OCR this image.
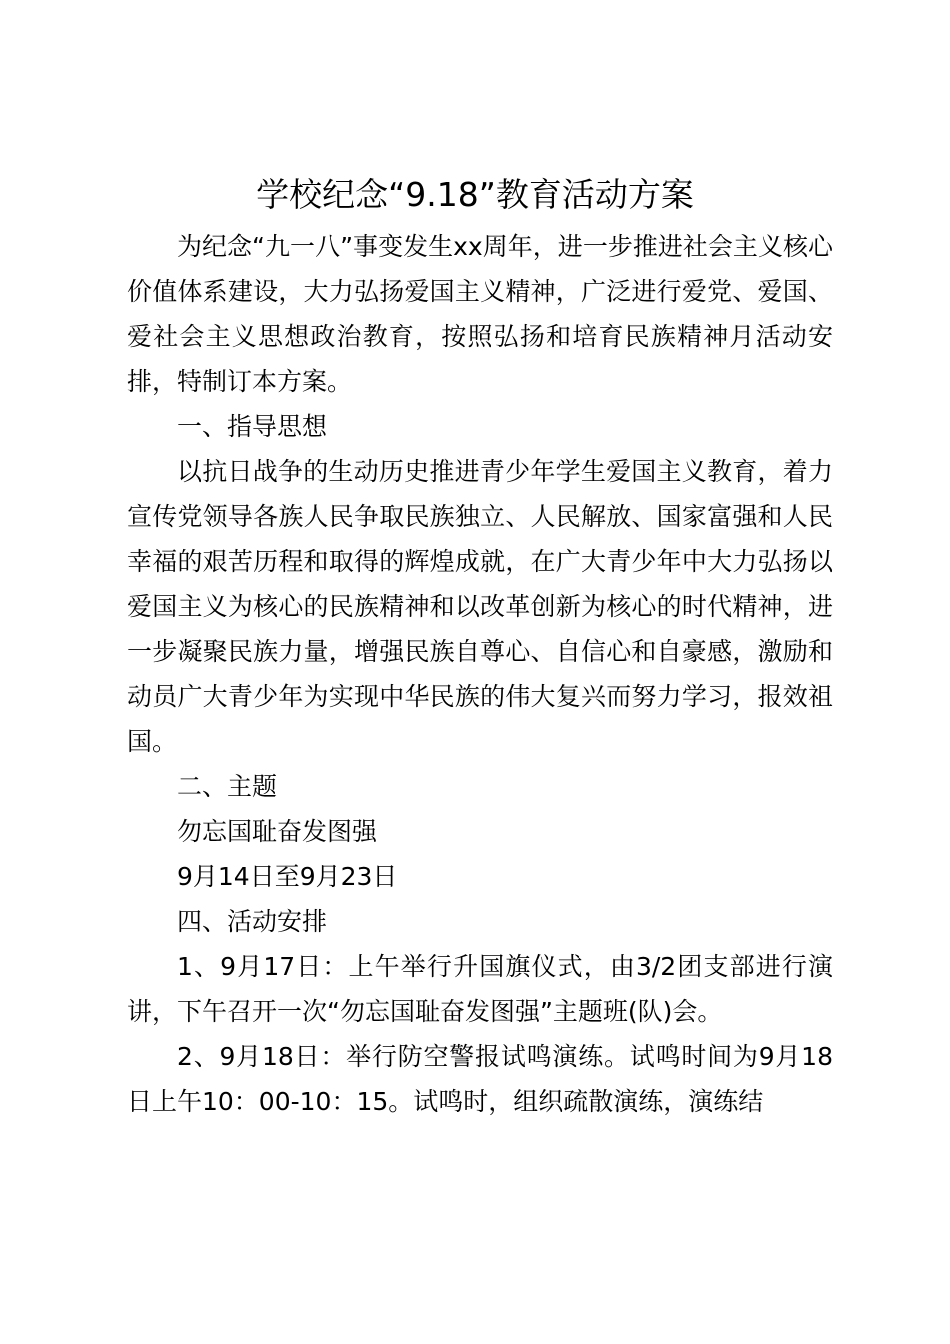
学校纪念“9.18”教育活动方案

为纪念“九一八”事变发生xx周年，进一步推进社会主义核心价值体系建设，大力弘扬爱国主义精神，广泛进行爱党、爱国、爱社会主义思想政治教育，按照弘扬和培育民族精神月活动安排，特制订本方案。

一、指导思想

以抗日战争的生动历史推进青少年学生爱国主义教育，着力宣传党领导各族人民争取民族独立、人民解放、国家富强和人民幸福的艰苦历程和取得的辉煌成就，在广大青少年中大力弘扬以爱国主义为核心的民族精神和以改革创新为核心的时代精神，进一步凝聚民族力量，增强民族自尊心、自信心和自豪感，激励和动员广大青少年为实现中华民族的伟大复兴而努力学习，报效祖国。

二、主题

勿忘国耻奋发图强

9月14日至9月23日

四、活动安排

1、9月17日：上午举行升国旗仪式，由3/2团支部进行演讲，下午召开一次“勿忘国耻奋发图强”主题班(队)会。

2、9月18日：举行防空警报试鸣演练。试鸣时间为9月18日上午10：00-10：15。试鸣时，组织疏散演练，演练结
